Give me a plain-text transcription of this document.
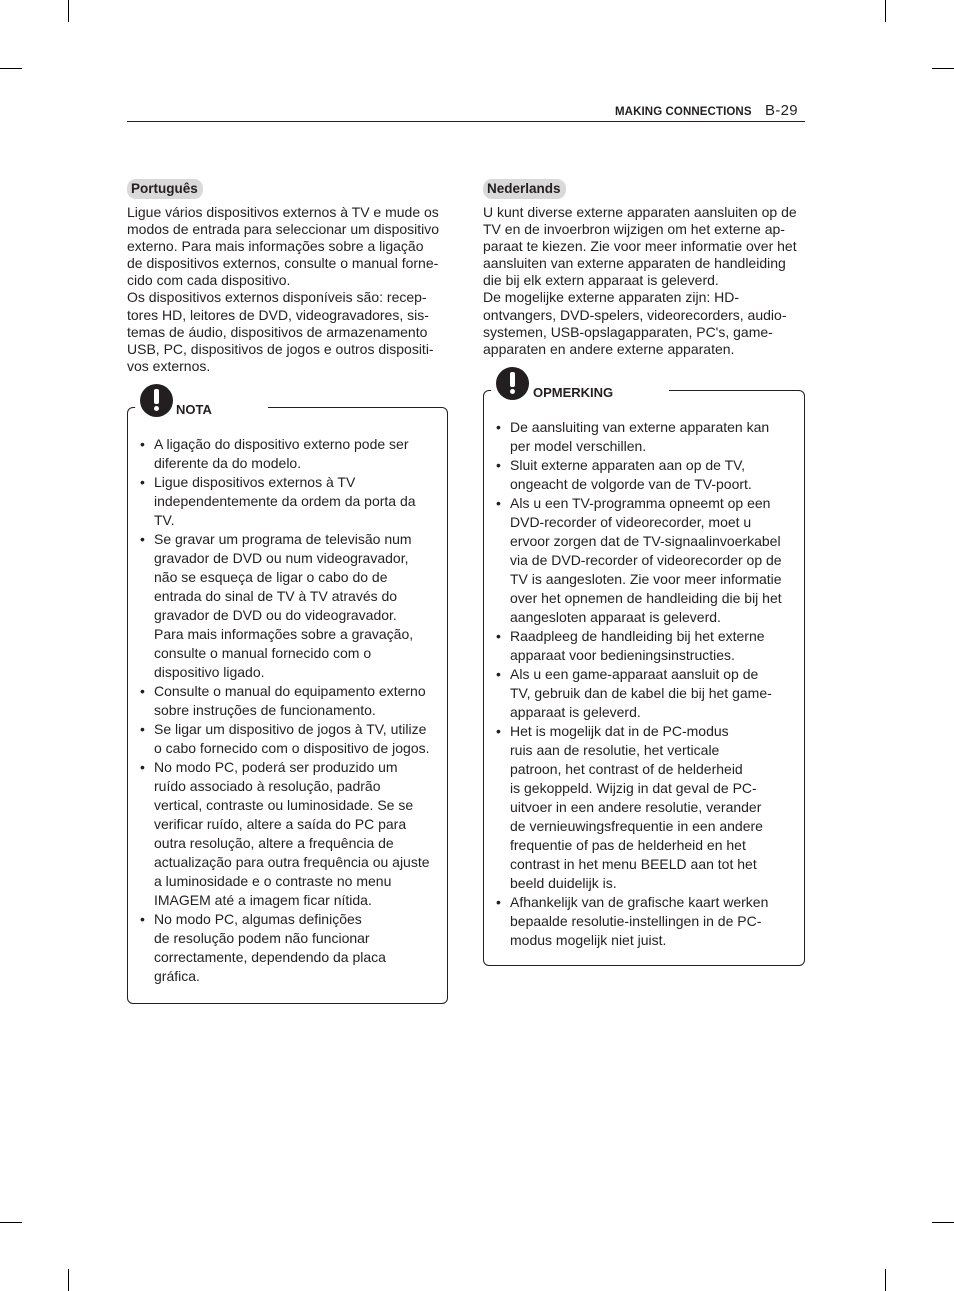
MAKING CONNECTIONS B-29
Português

Ligue vários dispositivos externos à TV e mude os
modos de entrada para seleccionar um dispositivo
externo. Para mais informações sobre a ligação
de dispositivos externos, consulte o manual forne-
cido com cada dispositivo.
Os dispositivos externos disponíveis são: recep-
tores HD, leitores de DVD, videogravadores, sis-
temas de áudio, dispositivos de armazenamento
USB, PC, dispositivos de jogos e outros dispositi-
vos externos.

NOTA
• A ligação do dispositivo externo pode ser
diferente da do modelo.
• Ligue dispositivos externos à TV
independentemente da ordem da porta da
TV.
• Se gravar um programa de televisão num
gravador de DVD ou num videogravador,
não se esqueça de ligar o cabo do de
entrada do sinal de TV à TV através do
gravador de DVD ou do videogravador.
Para mais informações sobre a gravação,
consulte o manual fornecido com o
dispositivo ligado.
• Consulte o manual do equipamento externo
sobre instruções de funcionamento.
• Se ligar um dispositivo de jogos à TV, utilize
o cabo fornecido com o dispositivo de jogos.
• No modo PC, poderá ser produzido um
ruído associado à resolução, padrão
vertical, contraste ou luminosidade. Se se
verificar ruído, altere a saída do PC para
outra resolução, altere a frequência de
actualização para outra frequência ou ajuste
a luminosidade e o contraste no menu
IMAGEM até a imagem ficar nítida.
• No modo PC, algumas definições
de resolução podem não funcionar
correctamente, dependendo da placa
gráfica.
Nederlands

U kunt diverse externe apparaten aansluiten op de
TV en de invoerbron wijzigen om het externe ap-
paraat te kiezen. Zie voor meer informatie over het
aansluiten van externe apparaten de handleiding
die bij elk extern apparaat is geleverd.
De mogelijke externe apparaten zijn: HD-
ontvangers, DVD-spelers, videorecorders, audio-
systemen, USB-opslagapparaten, PC's, game-
apparaten en andere externe apparaten.

OPMERKING
• De aansluiting van externe apparaten kan
per model verschillen.
• Sluit externe apparaten aan op de TV,
ongeacht de volgorde van de TV-poort.
• Als u een TV-programma opneemt op een
DVD-recorder of videorecorder, moet u
ervoor zorgen dat de TV-signaalinvoerkabel
via de DVD-recorder of videorecorder op de
TV is aangesloten. Zie voor meer informatie
over het opnemen de handleiding die bij het
aangesloten apparaat is geleverd.
• Raadpleeg de handleiding bij het externe
apparaat voor bedieningsinstructies.
• Als u een game-apparaat aansluit op de
TV, gebruik dan de kabel die bij het game-
apparaat is geleverd.
• Het is mogelijk dat in de PC-modus
ruis aan de resolutie, het verticale
patroon, het contrast of de helderheid
is gekoppeld. Wijzig in dat geval de PC-
uitvoer in een andere resolutie, verander
de vernieuwingsfrequentie in een andere
frequentie of pas de helderheid en het
contrast in het menu BEELD aan tot het
beeld duidelijk is.
• Afhankelijk van de grafische kaart werken
bepaalde resolutie-instellingen in de PC-
modus mogelijk niet juist.
